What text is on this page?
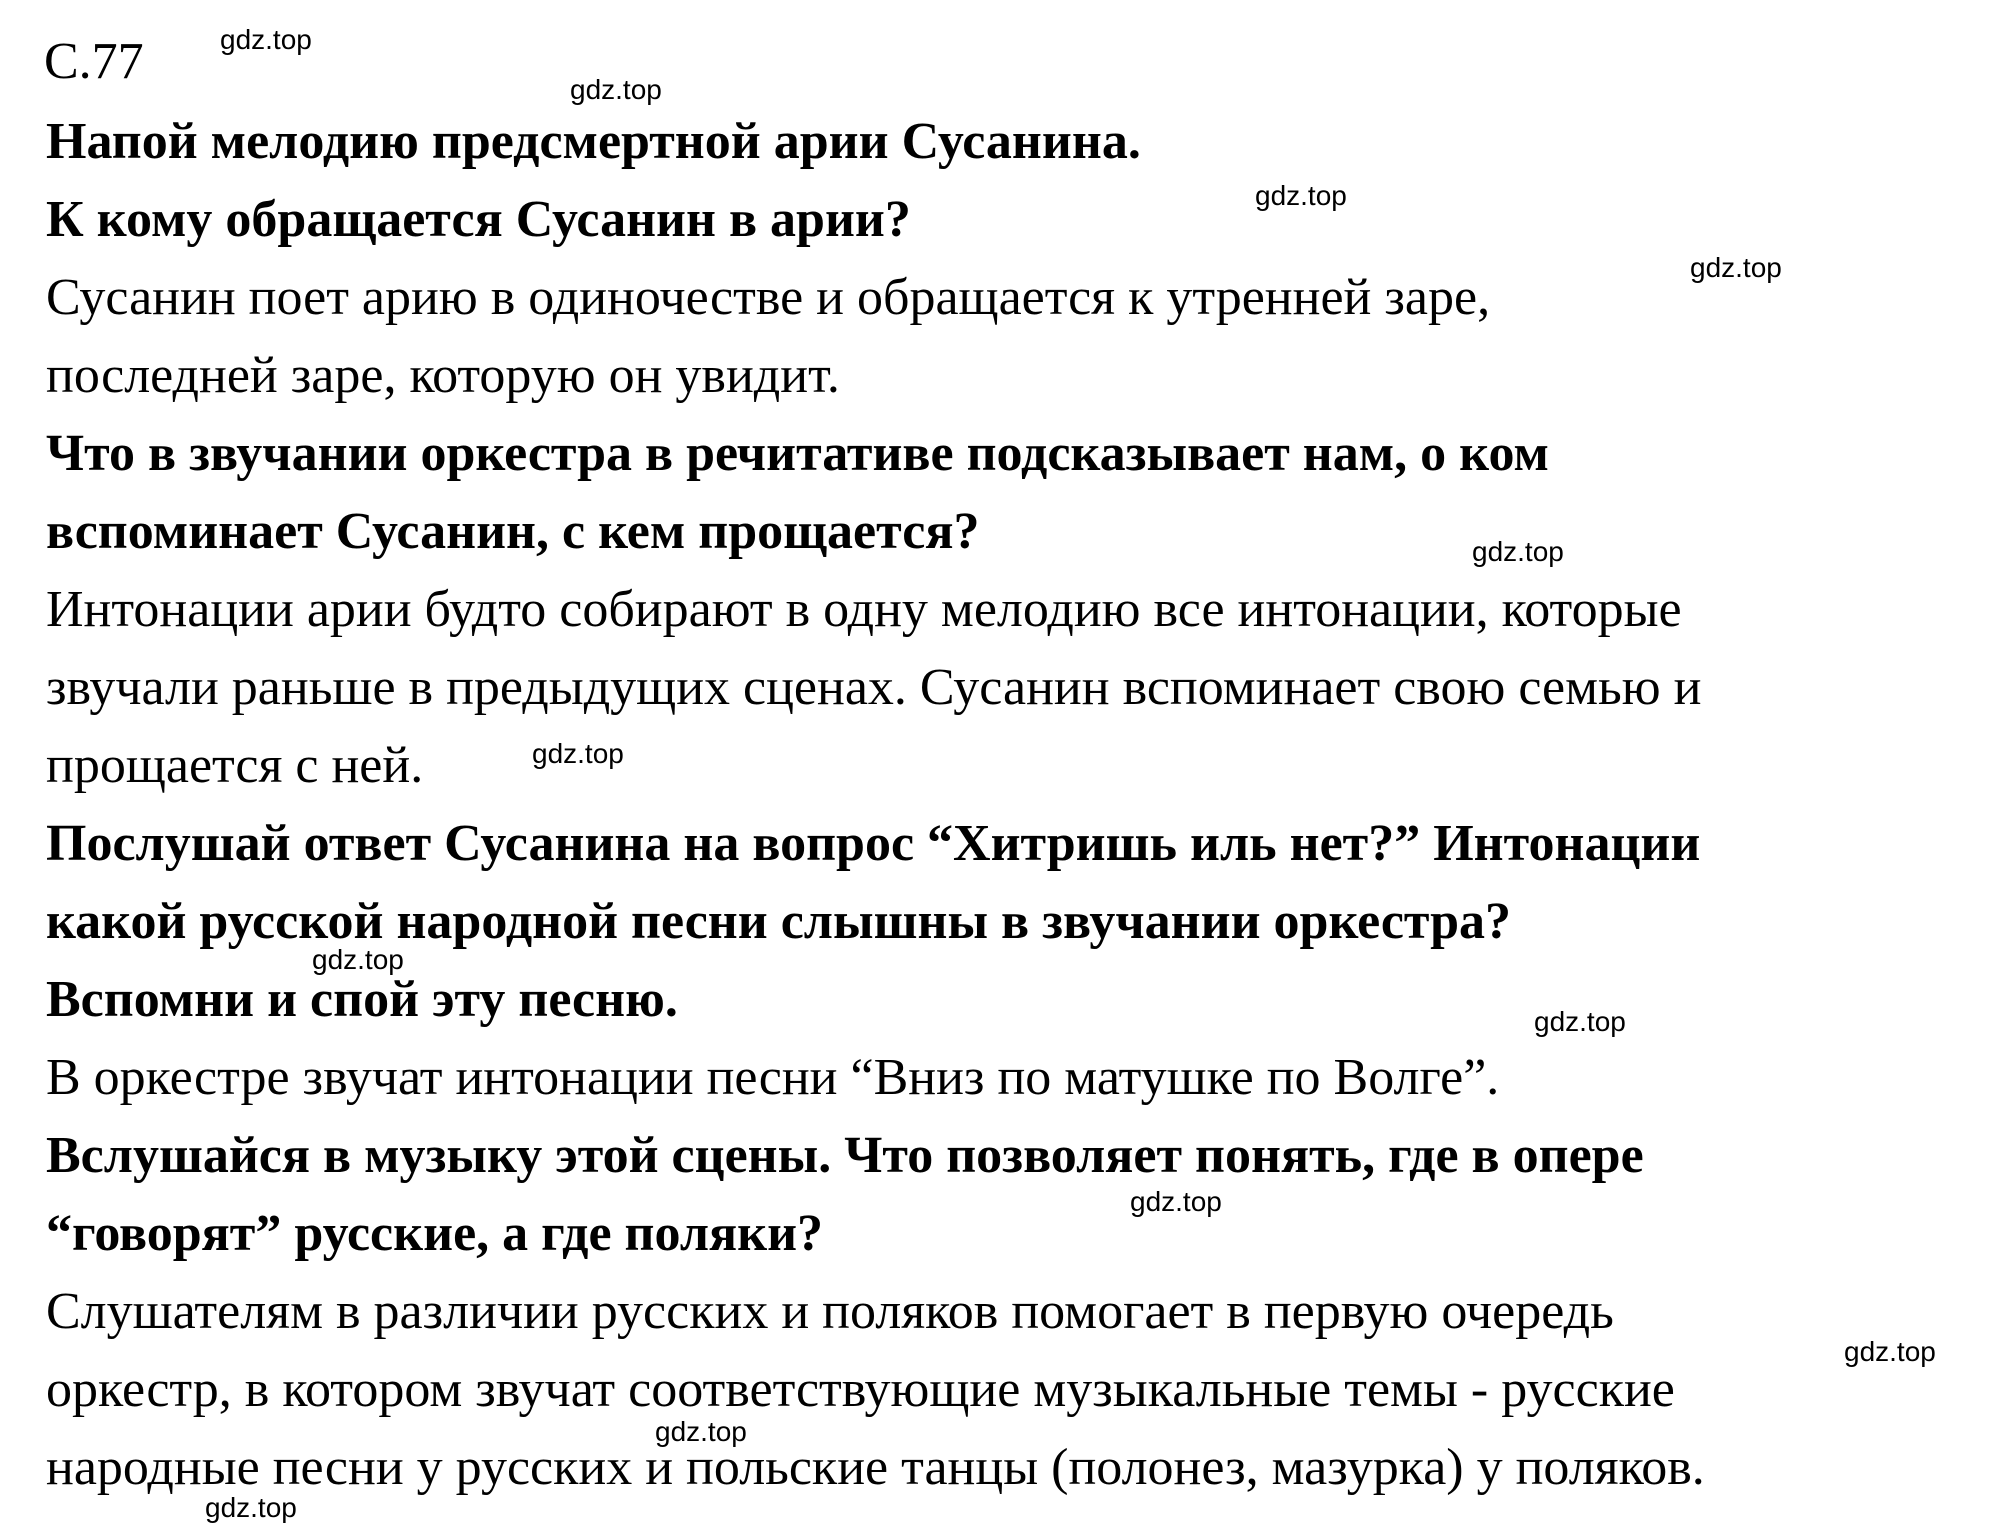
С.77

Напой мелодию предсмертной арии Сусанина.

К кому обращается Сусанин в арии?

Сусанин поет арию в одиночестве и обращается к утренней заре,

последней заре, которую он увидит.

Что в звучании оркестра в речитативе подсказывает нам, о ком

вспоминает Сусанин, с кем прощается?

Интонации арии будто собирают в одну мелодию все интонации, которые

звучали раньше в предыдущих сценах. Сусанин вспоминает свою семью и

прощается с ней.

Послушай ответ Сусанина на вопрос “Хитришь иль нет?” Интонации

какой русской народной песни слышны в звучании оркестра?

Вспомни и спой эту песню.

В оркестре звучат интонации песни “Вниз по матушке по Волге”.

Вслушайся в музыку этой сцены. Что позволяет понять, где в опере

“говорят” русские, а где поляки?

Слушателям в различии русских и поляков помогает в первую очередь

оркестр, в котором звучат соответствующие музыкальные темы - русские

народные песни у русских и польские танцы (полонез, мазурка) у поляков.

gdz.top

gdz.top

gdz.top

gdz.top

gdz.top

gdz.top

gdz.top

gdz.top

gdz.top

gdz.top

gdz.top

gdz.top
